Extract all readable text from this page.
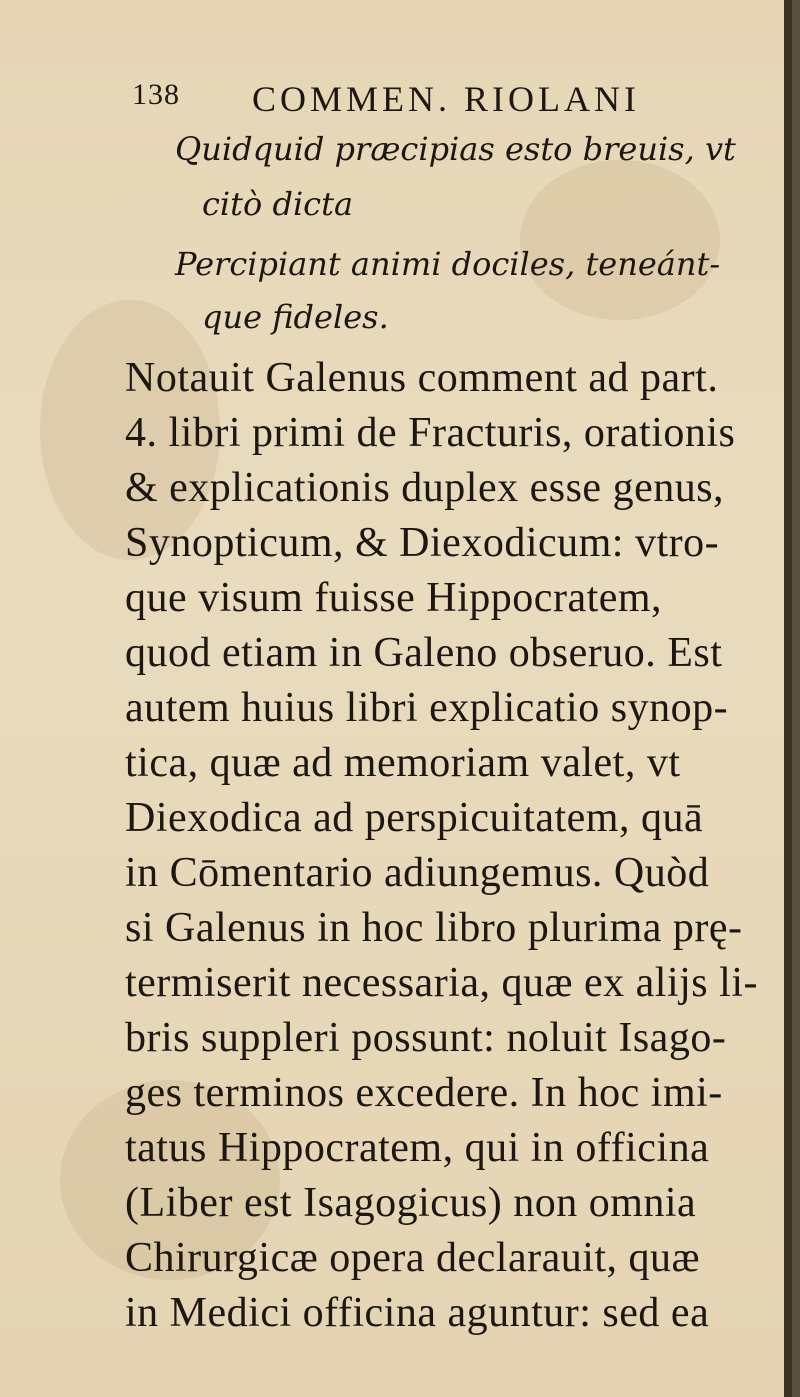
138 COMMEN. RIOLANI
Quidquid præcipias esto breuis, vt
citò dicta
Percipiant animi dociles, teneánt-
que fideles.
Notauit Galenus comment ad part.
4. libri primi de Fracturis, orationis
& explicationis duplex esse genus,
Synopticum, & Diexodicum: vtro-
que visum fuisse Hippocratem,
quod etiam in Galeno obseruo. Est
autem huius libri explicatio synop-
tica, quæ ad memoriam valet, vt
Diexodica ad perspicuitatem, quā
in Cōmentario adiungemus. Quòd
si Galenus in hoc libro plurima prę-
termiserit necessaria, quæ ex alijs li-
bris suppleri possunt: noluit Isago-
ges terminos excedere. In hoc imi-
tatus Hippocratem, qui in officina
(Liber est Isagogicus) non omnia
Chirurgicæ opera declarauit, quæ
in Medici officina aguntur: sed ea
